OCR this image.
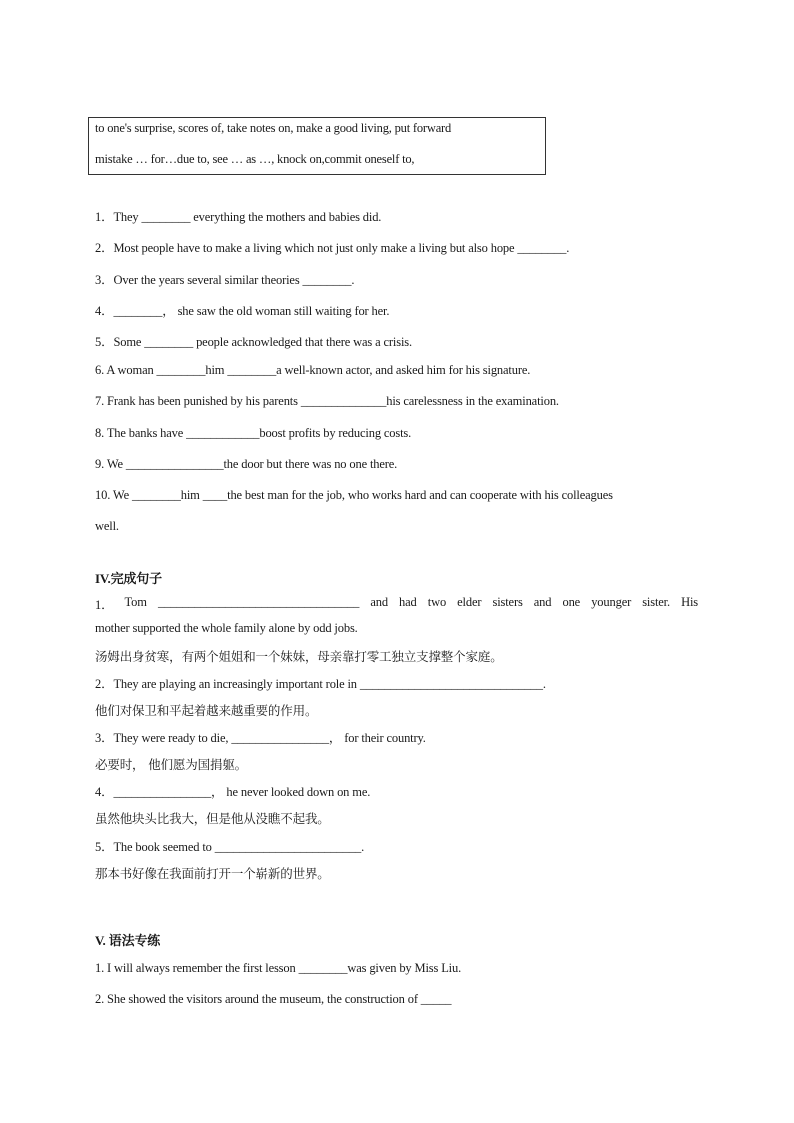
to one's surprise, scores of, take notes on, make a good living, put forward
mistake … for…due to, see … as …, knock on,commit oneself to,
1．They ________ everything the mothers and babies did.
2．Most people have to make a living which not just only make a living but also hope ________.
3．Over the years several similar theories ________.
4．________， she saw the old woman still waiting for her.
5．Some ________ people acknowledged that there was a crisis.
6. A woman ________him ________a well-known actor, and asked him for his signature.
7. Frank has been punished by his parents ______________his carelessness in the examination.
8. The banks have ____________boost profits by reducing costs.
9. We ________________the door but there was no one there.
10. We ________him ____the best man for the job, who works hard and can cooperate with his colleagues
well.
IV.完成句子
1． Tom _________________________________ and had two elder sisters and one younger sister. His
mother supported the whole family alone by odd jobs.
汤姆出身贫寒，有两个姐姐和一个妹妹，母亲靠打零工独立支撑整个家庭。
2．They are playing an increasingly important role in ______________________________.
他们对保卫和平起着越来越重要的作用。
3．They were ready to die, ________________， for their country.
必要时， 他们愿为国捐躯。
4．________________， he never looked down on me.
虽然他块头比我大，但是他从没瞧不起我。
5．The book seemed to ________________________.
那本书好像在我面前打开一个崭新的世界。
V. 语法专练
1. I will always remember the first lesson ________was given by Miss Liu.
2. She showed the visitors around the museum, the construction of _____
